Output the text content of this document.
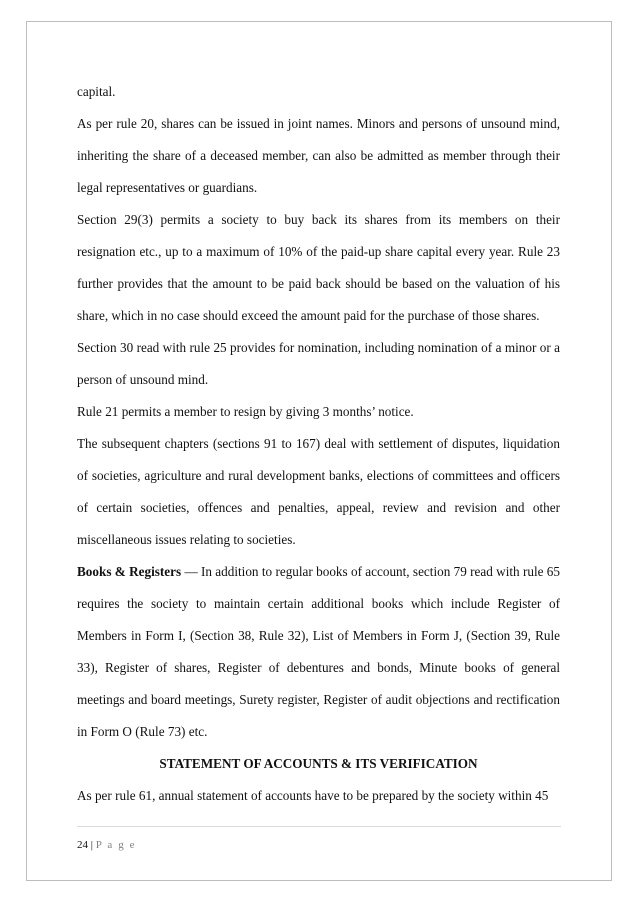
capital.

As per rule 20, shares can be issued in joint names. Minors and persons of unsound mind, inheriting the share of a deceased member, can also be admitted as member through their legal representatives or guardians.

Section 29(3) permits a society to buy back its shares from its members on their resignation etc., up to a maximum of 10% of the paid-up share capital every year. Rule 23 further provides that the amount to be paid back should be based on the valuation of his share, which in no case should exceed the amount paid for the purchase of those shares.

Section 30 read with rule 25 provides for nomination, including nomination of a minor or a person of unsound mind.

Rule 21 permits a member to resign by giving 3 months’ notice.

The subsequent chapters (sections 91 to 167) deal with settlement of disputes, liquidation of societies, agriculture and rural development banks, elections of committees and officers of certain societies, offences and penalties, appeal, review and revision and other miscellaneous issues relating to societies.

Books & Registers — In addition to regular books of account, section 79 read with rule 65 requires the society to maintain certain additional books which include Register of Members in Form I, (Section 38, Rule 32), List of Members in Form J, (Section 39, Rule 33), Register of shares, Register of debentures and bonds, Minute books of general meetings and board meetings, Surety register, Register of audit objections and rectification in Form O (Rule 73) etc.

STATEMENT OF ACCOUNTS & ITS VERIFICATION

As per rule 61, annual statement of accounts have to be prepared by the society within 45

24 | P a g e
